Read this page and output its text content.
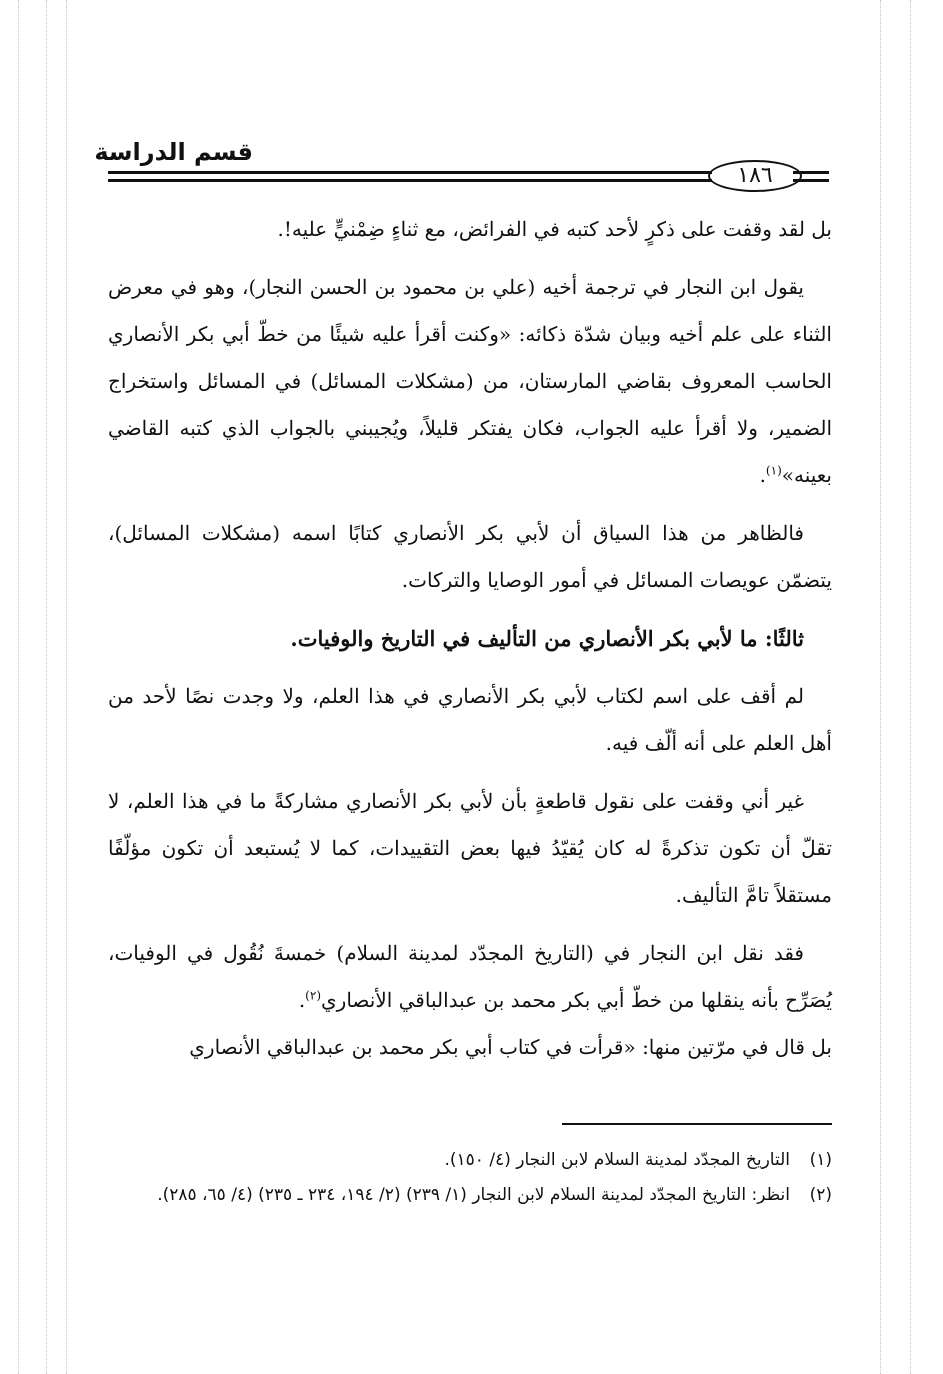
قسم الدراسة
١٨٦

بل لقد وقفت على ذكرٍ لأحد كتبه في الفرائض، مع ثناءٍ ضِمْنيٍّ عليه!.

يقول ابن النجار في ترجمة أخيه (علي بن محمود بن الحسن النجار)، وهو في معرض الثناء على علم أخيه وبيان شدّة ذكائه: «وكنت أقرأ عليه شيئًا من خطّ أبي بكر الأنصاري الحاسب المعروف بقاضي المارستان، من (مشكلات المسائل) في المسائل واستخراج الضمير، ولا أقرأ عليه الجواب، فكان يفتكر قليلاً، ويُجيبني بالجواب الذي كتبه القاضي بعينه»$^{(١)}$.

فالظاهر من هذا السياق أن لأبي بكر الأنصاري كتابًا اسمه (مشكلات المسائل)، يتضمّن عويصات المسائل في أمور الوصايا والتركات.

ثالثًا: ما لأبي بكر الأنصاري من التأليف في التاريخ والوفيات.

لم أقف على اسم لكتاب لأبي بكر الأنصاري في هذا العلم، ولا وجدت نصًا لأحد من أهل العلم على أنه ألّف فيه.

غير أني وقفت على نقول قاطعةٍ بأن لأبي بكر الأنصاري مشاركةً ما في هذا العلم، لا تقلّ أن تكون تذكرةً له كان يُقيّدُ فيها بعض التقييدات، كما لا يُستبعد أن تكون مؤلّفًا مستقلاً تامَّ التأليف.

فقد نقل ابن النجار في (التاريخ المجدّد لمدينة السلام) خمسةَ نُقُول في الوفيات، يُصَرِّح بأنه ينقلها من خطّ أبي بكر محمد بن عبدالباقي الأنصاري$^{(٢)}$.

بل قال في مرّتين منها: «قرأت في كتاب أبي بكر محمد بن عبدالباقي الأنصاري

(١)
التاريخ المجدّد لمدينة السلام لابن النجار (٤/ ١٥٠).
(٢)
انظر: التاريخ المجدّد لمدينة السلام لابن النجار (١/ ٢٣٩) (٢/ ١٩٤، ٢٣٤ ـ ٢٣٥) (٤/ ٦٥، ٢٨٥).
